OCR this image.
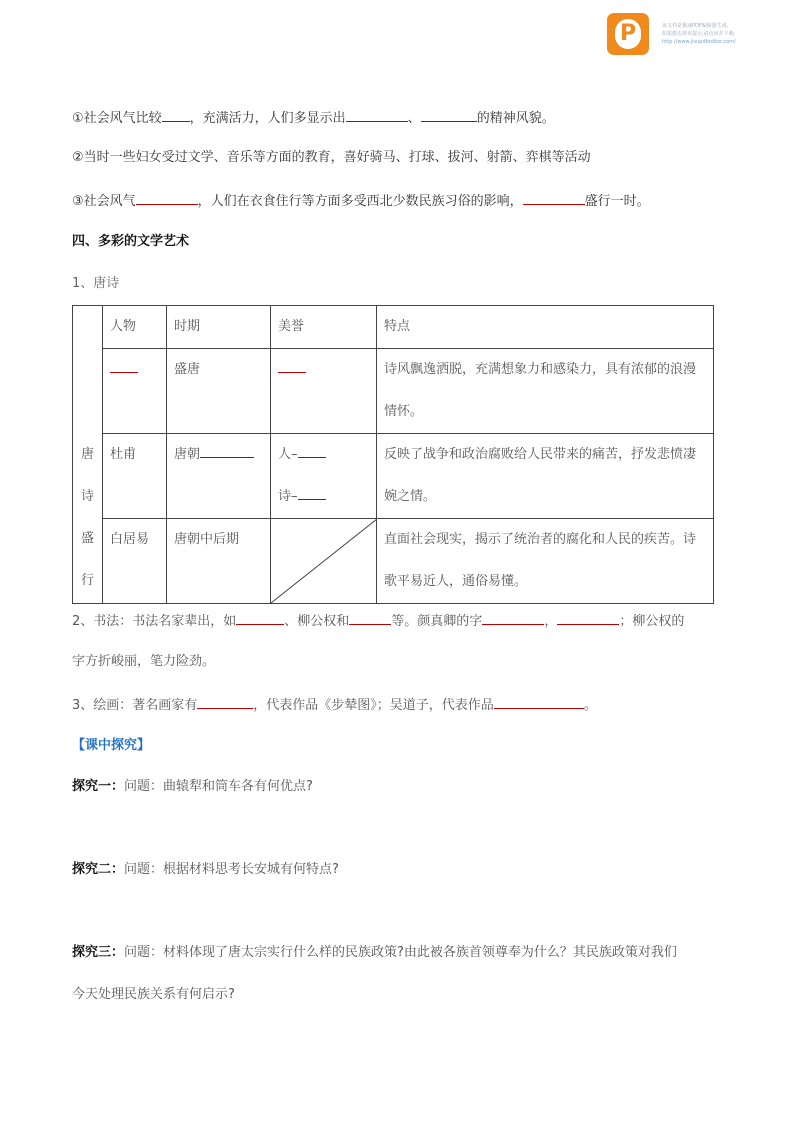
P	该文档是极速PDF编辑器生成,
如果想去掉该提示,请访问并下载:
http://www.jisupdfeditor.com/
①社会风气比较 ，充满活力，人们多显示出	、	的精神风貌。
②当时一些妇女受过文学、音乐等方面的教育，喜好骑马、打球、拔河、射箭、弈棋等活动
③社会风气	，人们在衣食住行等方面多受西北少数民族习俗的影响，	盛行一时。
四、多彩的文学艺术
1、唐诗
唐
诗
盛
行	人物	时期	美誉	特点
		盛唐		诗风飘逸洒脱，充满想象力和感染力，具有浓郁的浪漫情怀。
	杜甫	唐朝	人–
诗–	反映了战争和政治腐败给人民带来的痛苦，抒发悲愤凄婉之情。
	白居易	唐朝中后期		直面社会现实，揭示了统治者的腐化和人民的疾苦。诗歌平易近人，通俗易懂。
2、书法：书法名家辈出，如	、柳公权和	等。颜真卿的字	，	；柳公权的
字方折峻丽，笔力险劲。
3、绘画：著名画家有	，代表作品《步辇图》；吴道子，代表作品	。
【课中探究】
探究一：问题：曲辕犁和筒车各有何优点?
探究二：问题：根据材料思考长安城有何特点?
探究三：问题：材料体现了唐太宗实行什么样的民族政策?由此被各族首领尊奉为什么？其民族政策对我们
今天处理民族关系有何启示?
